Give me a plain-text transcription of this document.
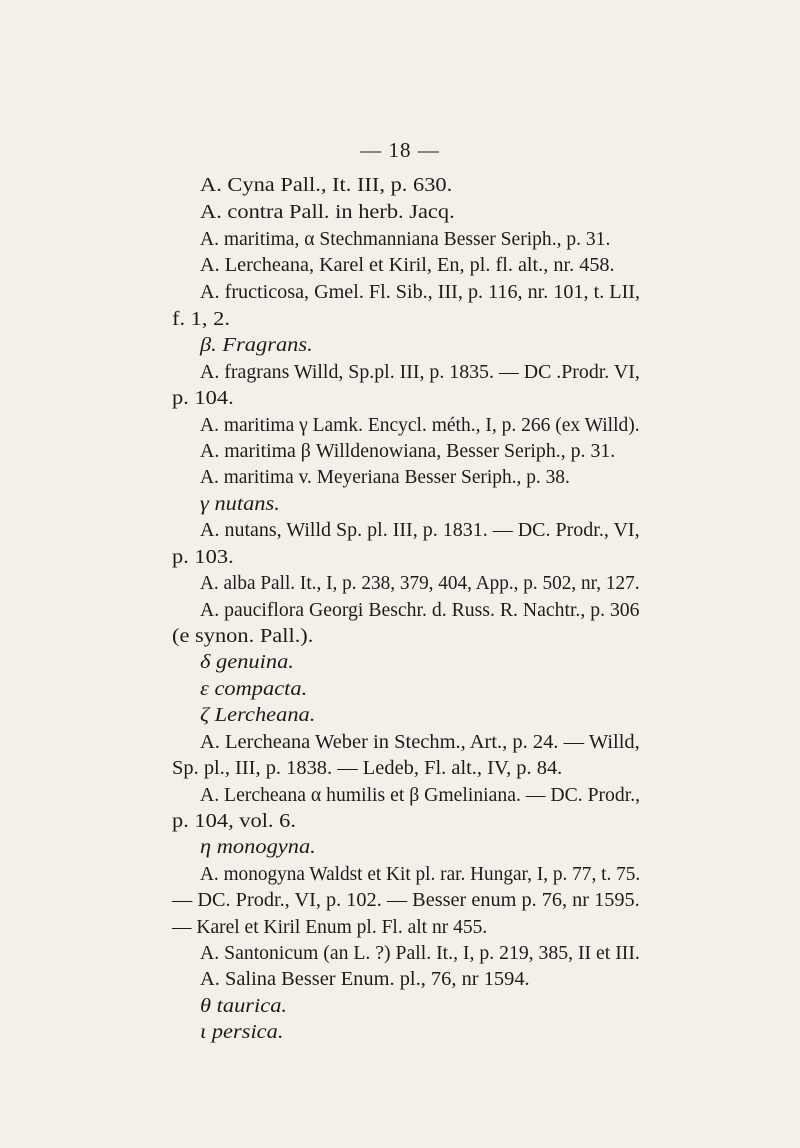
— 18 —
A. Cyna Pall., It. III, p. 630.
A. contra Pall. in herb. Jacq.
A. maritima, α Stechmanniana Besser Seriph., p. 31.
A. Lercheana, Karel et Kiril, En, pl. fl. alt., nr. 458.
A. fructicosa, Gmel. Fl. Sib., III, p. 116, nr. 101, t. LII,
f. 1, 2.
β. Fragrans.
A. fragrans Willd, Sp.pl. III, p. 1835. — DC .Prodr. VI,
p. 104.
A. maritima γ Lamk. Encycl. méth., I, p. 266 (ex Willd).
A. maritima β Willdenowiana, Besser Seriph., p. 31.
A. maritima v. Meyeriana Besser Seriph., p. 38.
γ nutans.
A. nutans, Willd Sp. pl. III, p. 1831. — DC. Prodr., VI,
p. 103.
A. alba Pall. It., I, p. 238, 379, 404, App., p. 502, nr, 127.
A. pauciflora Georgi Beschr. d. Russ. R. Nachtr., p. 306
(e synon. Pall.).
δ genuina.
ε compacta.
ζ Lercheana.
A. Lercheana Weber in Stechm., Art., p. 24. — Willd,
Sp. pl., III, p. 1838. — Ledeb, Fl. alt., IV, p. 84.
A. Lercheana α humilis et β Gmeliniana. — DC. Prodr.,
p. 104, vol. 6.
η monogyna.
A. monogyna Waldst et Kit pl. rar. Hungar, I, p. 77, t. 75.
— DC. Prodr., VI, p. 102. — Besser enum p. 76, nr 1595.
— Karel et Kiril Enum pl. Fl. alt nr 455.
A. Santonicum (an L. ?) Pall. It., I, p. 219, 385, II et III.
A. Salina Besser Enum. pl., 76, nr 1594.
θ taurica.
ι persica.
